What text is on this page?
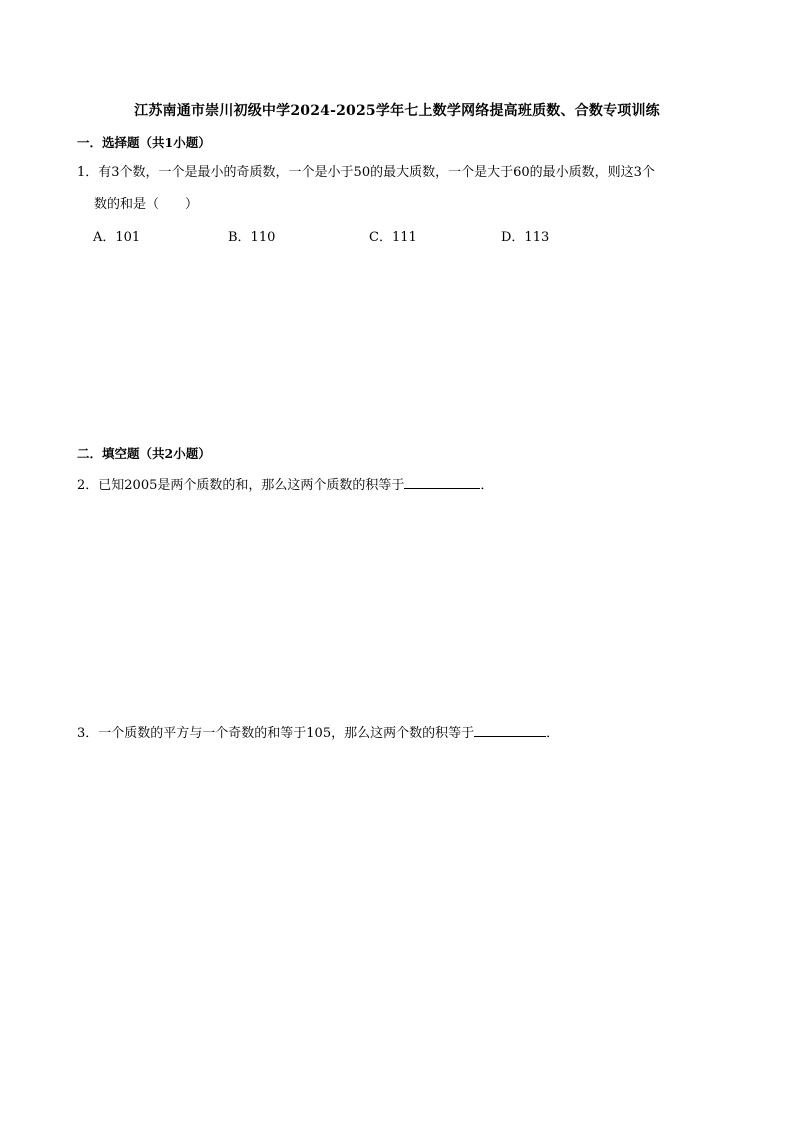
江苏南通市崇川初级中学2024-2025学年七上数学网络提高班质数、合数专项训练
一．选择题（共1小题）
1．有3个数，一个是最小的奇质数，一个是小于50的最大质数，一个是大于60的最小质数，则这3个
数的和是（　　）
A．101	B．110	C．111	D．113
二．填空题（共2小题）
2．已知2005是两个质数的和，那么这两个质数的积等于	．
3．一个质数的平方与一个奇数的和等于105，那么这两个数的积等于	．
